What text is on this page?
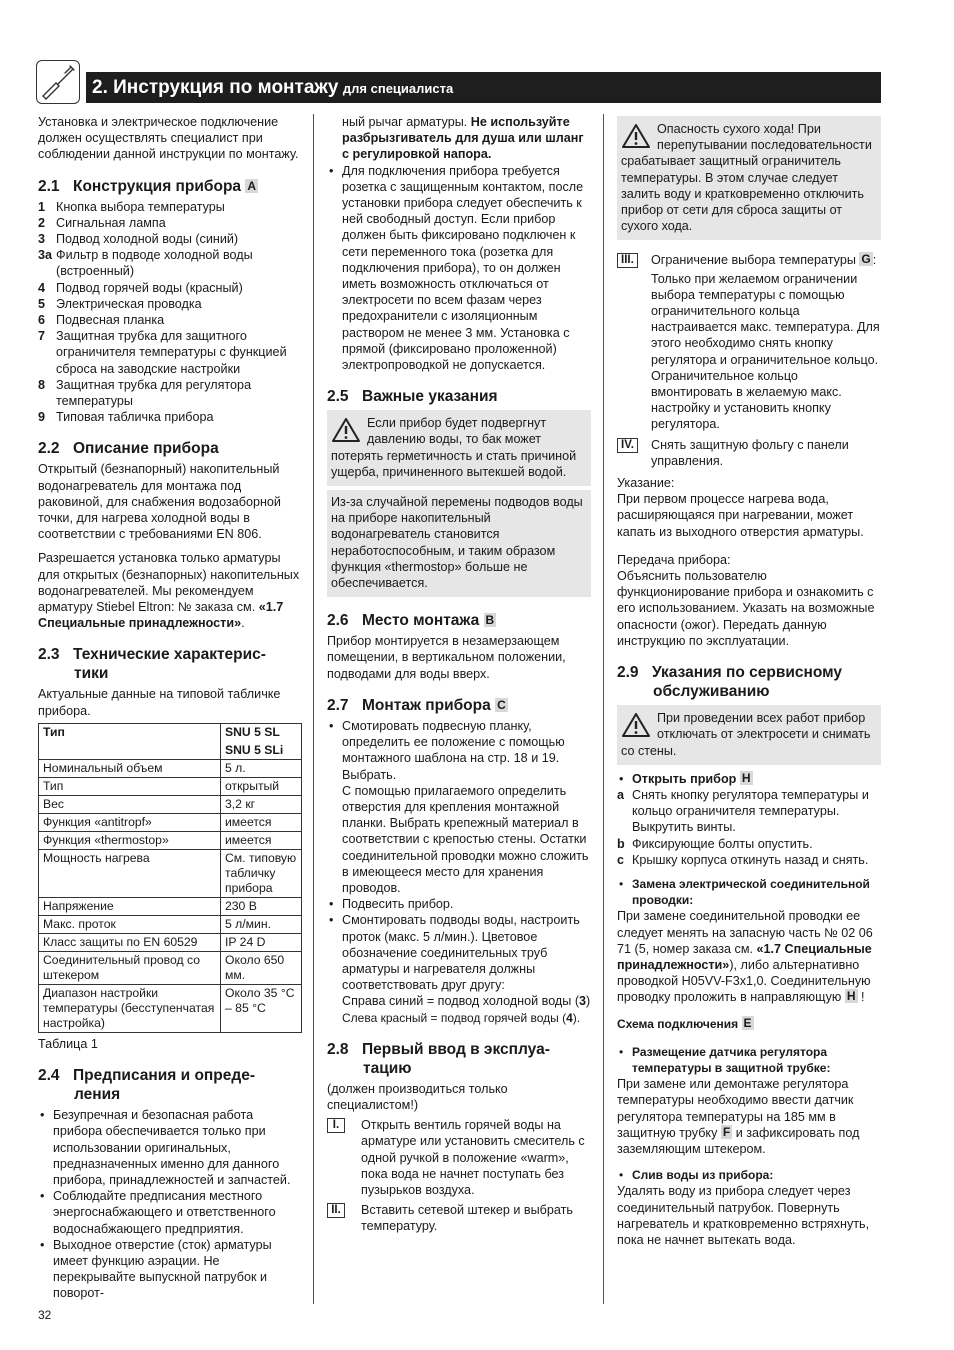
2. Инструкция по монтажу для специалиста

Установка и электрическое подключение должен осуществлять специалист при соблюдении данной инструкции по монтажу.

2.1 Конструкция прибора A
1 Кнопка выбора температуры
2 Сигнальная лампа
3 Подвод холодной воды (синий)
3а Фильтр в подводе холодной воды (встроенный)
4 Подвод горячей воды (красный)
5 Электрическая проводка
6 Подвесная планка
7 Защитная трубка для защитного ограничителя температуры с функцией сброса на заводские настройки
8 Защитная трубка для регулятора температуры
9 Типовая табличка прибора
2.2 Описание прибора

Открытый (безнапорный) накопительный водонагреватель для монтажа под раковиной, для снабжения водозаборной точки, для нагрева холодной воды в соответствии с требованиями EN 806.

Разрешается установка только арматуры для открытых (безнапорных) накопительных водонагревателей. Мы рекомендуем арматуру Stiebel Eltron: № заказа см. «1.7 Специальные принадлежности».

2.3 Технические характерис-
тики

Актуальные данные на типовой табличке прибора.

Тип	SNU 5 SL
SNU 5 SLi

Номинальный объем	5 л.
Тип	открытый
Вес	3,2 кг
Функция «antitropf»	имеется
Функция «thermostop»	имеется
Мощность нагрева	См. типовую табличку прибора
Напряжение	230 В
Макс. проток	5 л/мин.
Класс защиты по EN 60529	IP 24 D
Соединительный провод со штекером	Около 650 мм.
Диапазон настройки температуры (бесступенчатая настройка)	Около 35 °C – 85 °C

Таблица 1

2.4 Предписания и опреде-
ления
• Безупречная и безопасная работа прибора обеспечивается только при использовании оригинальных, предназначенных именно для данного прибора, принадлежностей и запчастей.
• Соблюдайте предписания местного энергоснабжающего и ответственного водоснабжающего предприятия.
• Выходное отверстие (сток) арматуры имеет функцию аэрации. Не перекрывайте выпускной патрубок и поворот-

ный рычаг арматуры. Не используйте разбрызгиватель для душа или шланг с регулировкой напора.

• Для подключения прибора требуется розетка с защищенным контактом, после установки прибора следует обеспечить к ней свободный доступ. Если прибор должен быть фиксировано подключен к сети переменного тока (розетка для подключения прибора), то он должен иметь возможность отключаться от электросети по всем фазам через предохранители с изоляционным раствором не менее 3 мм. Установка с прямой (фиксировано проложенной) электропроводкой не допускается.
2.5 Важные указания
Если прибор будет подвергнут давлению воды, то бак может потерять герметичность и стать причиной ущерба, причиненного вытекшей водой.
Из-за случайной перемены подводов воды на приборе накопительный водонагреватель становится неработоспособным, и таким образом функция «thermostop» больше не обеспечивается.
2.6 Место монтажа B

Прибор монтируется в незамерзающем помещении, в вертикальном положении, подводами для воды вверх.

2.7 Монтаж прибора C
• Смотировать подвесную планку, определить ее положение с помощью монтажного шаблона на стр. 18 и 19. Выбрать.
С помощью прилагаемого определить отверстия для крепления монтажной планки. Выбрать крепежный материал в соответствии с крепостью стены. Остатки соединительной проводки можно сложить в имеющееся место для хранения проводов.
• Подвесить прибор.
• Смонтировать подводы воды, настроить проток (макс. 5 л/мин.). Цветовое обозначение соединительных труб арматуры и нагревателя должны соответствовать друг другу:
Справа синий = подвод холодной воды (3)
Слева красный = подвод горячей воды (4).
2.8 Первый ввод в эксплуа-
тацию

(должен производиться только специалистом!)

I.	Открыть вентиль горячей воды на арматуре или установить смеситель с одной ручкой в положение «warm», пока вода не начнет поступать без пузырьков воздуха.
II.	Вставить сетевой штекер и выбрать температуру.
Опасность сухого хода! При перепутывании последовательности срабатывает защитный ограничитель температуры. В этом случае следует залить воду и кратковременно отключить прибор от сети для сброса защиты от сухого хода.
III.	Ограничение выбора температуры G :
Только при желаемом ограничении выбора температуры с помощью ограничительного кольца настраивается макс. температура. Для этого необходимо снять кнопку регулятора и ограничительное кольцо. Ограничительное кольцо вмонтировать в желаемую макс. настройку и установить кнопку регулятора.
IV.	Снять защитную фольгу с панели управления.

Указание:

При первом процессе нагрева вода, расширяющаяся при нагревании, может капать из выходного отверстия арматуры.

Передача прибора:

Объяснить пользователю функционирование прибора и ознакомить с его использованием. Указать на возможные опасности (ожог). Передать данную инструкцию по эксплуатации.

2.9 Указания по сервисному
обслуживанию
При проведении всех работ прибор отключать от электросети и снимать со стены.
• Открыть прибор H
a Снять кнопку регулятора температуры и кольцо ограничителя температуры. Выкрутить винты.
b Фиксирующие болты опустить.
c Крышку корпуса откинуть назад и снять.
• Замена электрической соединительной проводки:

При замене соединительной проводки ее следует менять на запасную часть № 02 06 71 (5, номер заказа см. «1.7 Специальные принадлежности»), либо альтернативно проводкой H05VV-F3x1,0. Соединительную проводку проложить в направляющую H !

Схема подключения E

• Размещение датчика регулятора температуры в защитной трубке:

При замене или демонтаже регулятора температуры необходимо ввести датчик регулятора температуры на 185 мм в защитную трубку F и зафиксировать под заземляющим штекером.

• Слив воды из прибора:

Удалять воду из прибора следует через соединительный патрубок. Повернуть нагреватель и кратковременно встряхнуть, пока не начнет вытекать вода.

32
